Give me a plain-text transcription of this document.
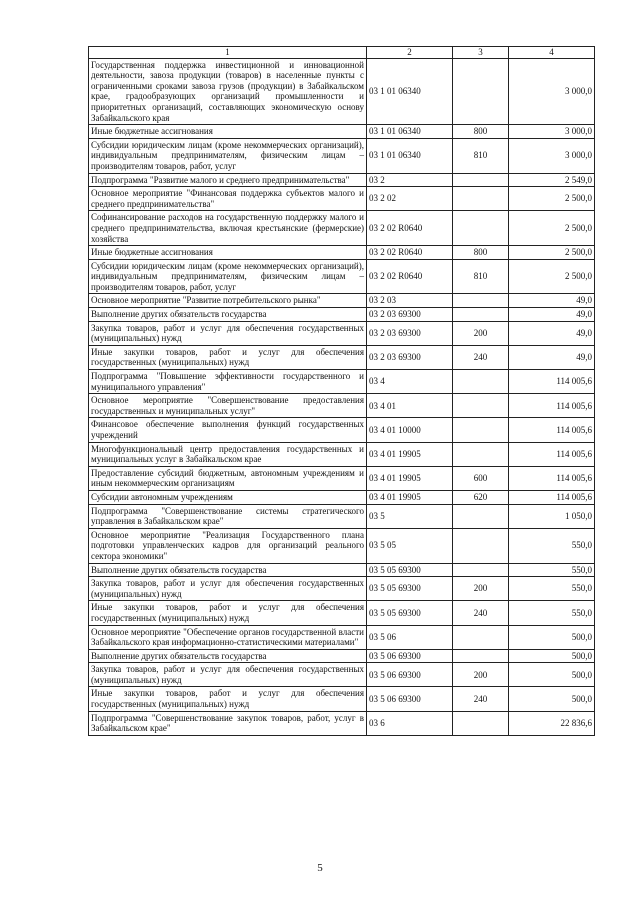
1	2	3	4
Государственная поддержка инвестиционной и инновационной деятельности, завоза продукции (товаров) в населенные пункты с ограниченными сроками завоза грузов (продукции) в Забайкальском крае, градообразующих организаций промышленности и приоритетных организаций, составляющих экономическую основу Забайкальского края	03 1 01 06340		3 000,0
Иные бюджетные ассигнования	03 1 01 06340	800	3 000,0
Субсидии юридическим лицам (кроме некоммерческих организаций), индивидуальным предпринимателям, физическим лицам – производителям товаров, работ, услуг	03 1 01 06340	810	3 000,0
Подпрограмма "Развитие малого и среднего предпринимательства"	03 2		2 549,0
Основное мероприятие "Финансовая поддержка субъектов малого и среднего предпринимательства"	03 2 02		2 500,0
Софинансирование расходов на государственную поддержку малого и среднего предпринимательства, включая крестьянские (фермерские) хозяйства	03 2 02 R0640		2 500,0
Иные бюджетные ассигнования	03 2 02 R0640	800	2 500,0
Субсидии юридическим лицам (кроме некоммерческих организаций), индивидуальным предпринимателям, физическим лицам – производителям товаров, работ, услуг	03 2 02 R0640	810	2 500,0
Основное мероприятие "Развитие потребительского рынка"	03 2 03		49,0
Выполнение других обязательств государства	03 2 03 69300		49,0
Закупка товаров, работ и услуг для обеспечения государственных (муниципальных) нужд	03 2 03 69300	200	49,0
Иные закупки товаров, работ и услуг для обеспечения государственных (муниципальных) нужд	03 2 03 69300	240	49,0
Подпрограмма "Повышение эффективности государственного и муниципального управления"	03 4		114 005,6
Основное мероприятие "Совершенствование предоставления государственных и муниципальных услуг"	03 4 01		114 005,6
Финансовое обеспечение выполнения функций государственных учреждений	03 4 01 10000		114 005,6
Многофункциональный центр предоставления государственных и муниципальных услуг в Забайкальском крае	03 4 01 19905		114 005,6
Предоставление субсидий бюджетным, автономным учреждениям и иным некоммерческим организациям	03 4 01 19905	600	114 005,6
Субсидии автономным учреждениям	03 4 01 19905	620	114 005,6
Подпрограмма "Совершенствование системы стратегического управления в Забайкальском крае"	03 5		1 050,0
Основное мероприятие "Реализация Государственного плана подготовки управленческих кадров для организаций реального сектора экономики"	03 5 05		550,0
Выполнение других обязательств государства	03 5 05 69300		550,0
Закупка товаров, работ и услуг для обеспечения государственных (муниципальных) нужд	03 5 05 69300	200	550,0
Иные закупки товаров, работ и услуг для обеспечения государственных (муниципальных) нужд	03 5 05 69300	240	550,0
Основное мероприятие "Обеспечение органов государственной власти Забайкальского края информационно-статистическими материалами"	03 5 06		500,0
Выполнение других обязательств государства	03 5 06 69300		500,0
Закупка товаров, работ и услуг для обеспечения государственных (муниципальных) нужд	03 5 06 69300	200	500,0
Иные закупки товаров, работ и услуг для обеспечения государственных (муниципальных) нужд	03 5 06 69300	240	500,0
Подпрограмма "Совершенствование закупок товаров, работ, услуг в Забайкальском крае"	03 6		22 836,6
5
